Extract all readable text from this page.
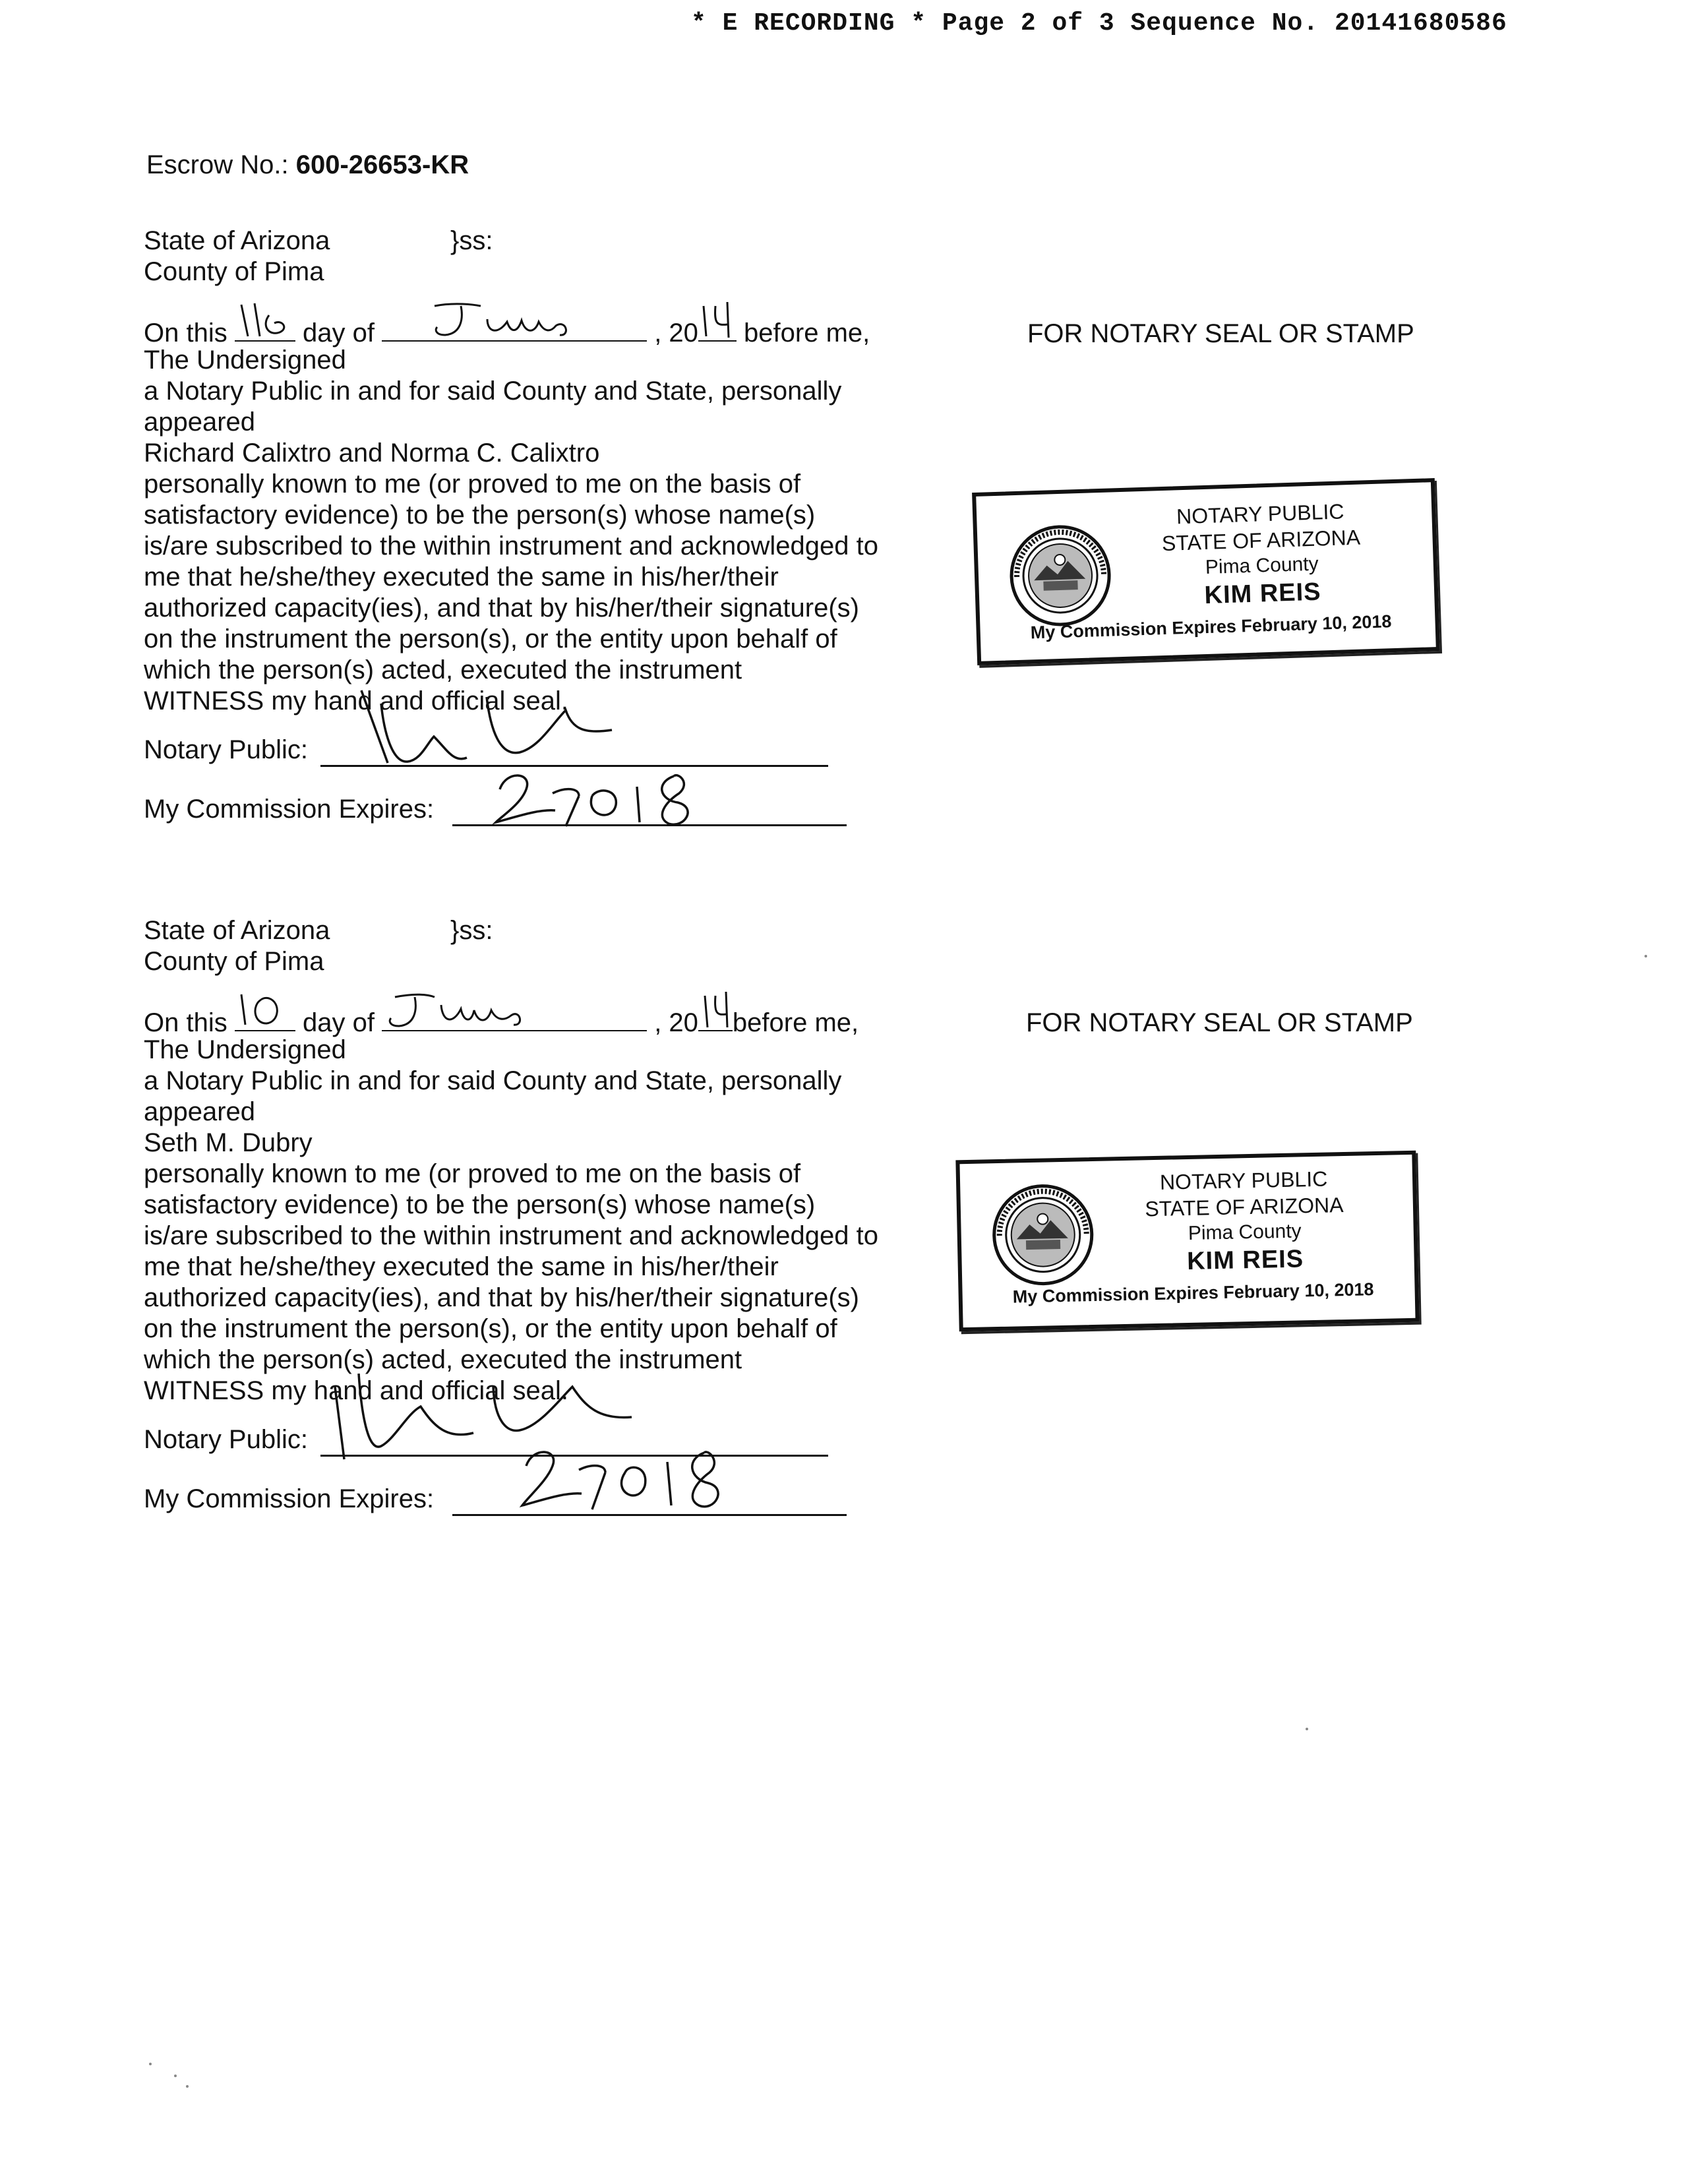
* E RECORDING * Page 2 of 3 Sequence No. 20141680586
Escrow No.: 600-26653-KR
State of Arizona	}ss:
County of Pima
On this	day of	, 20 before me,
The Undersigned
a Notary Public in and for said County and State, personally
appeared
Richard Calixtro and Norma C. Calixtro
personally known to me (or proved to me on the basis of
satisfactory evidence) to be the person(s) whose name(s)
is/are subscribed to the within instrument and acknowledged to
me that he/she/they executed the same in his/her/their
authorized capacity(ies), and that by his/her/their signature(s)
on the instrument the person(s), or the entity upon behalf of
which the person(s) acted, executed the instrument
WITNESS my hand and official seal.
Notary Public:
My Commission Expires:
FOR NOTARY SEAL OR STAMP
NOTARY PUBLIC
STATE OF ARIZONA
Pima County
KIM REIS
My Commission Expires February 10, 2018
State of Arizona	}ss:
County of Pima
On this	day of	, 20 before me,
The Undersigned
a Notary Public in and for said County and State, personally
appeared
Seth M. Dubry
personally known to me (or proved to me on the basis of
satisfactory evidence) to be the person(s) whose name(s)
is/are subscribed to the within instrument and acknowledged to
me that he/she/they executed the same in his/her/their
authorized capacity(ies), and that by his/her/their signature(s)
on the instrument the person(s), or the entity upon behalf of
which the person(s) acted, executed the instrument
WITNESS my hand and official seal.
Notary Public:
My Commission Expires:
FOR NOTARY SEAL OR STAMP
NOTARY PUBLIC
STATE OF ARIZONA
Pima County
KIM REIS
My Commission Expires February 10, 2018
